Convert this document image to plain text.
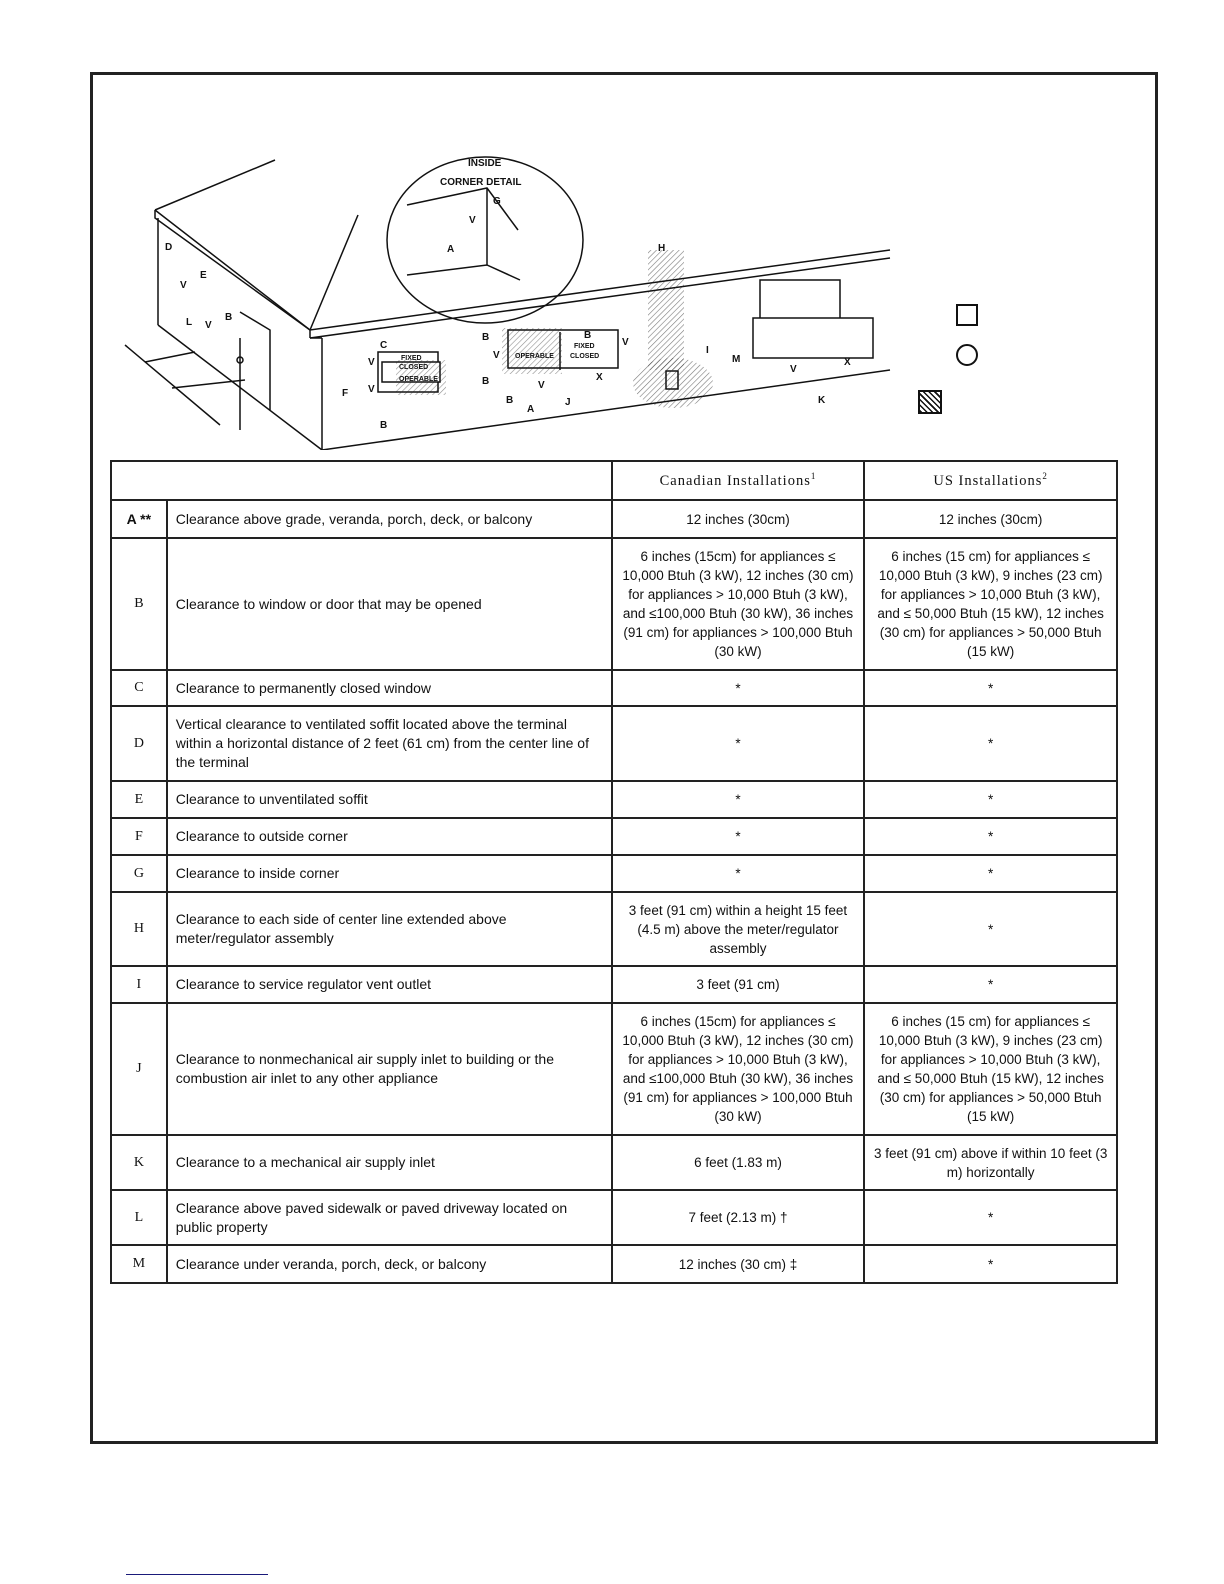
INSIDE
CORNER DETAIL
G
A
V
D
E
V
V
L	B
C
V
V
F
B
FIXED
CLOSED
OPERABLE
OPERABLE
FIXED
CLOSED
B
B
B
V
V
V
B
A
J
X
H
I
M
V
X
K
		Canadian Installations$^1$	US Installations$^2$
A **	Clearance above grade, veranda, porch, deck, or balcony	12 inches (30cm)	12 inches (30cm)
B	Clearance to window or door that may be opened	6 inches (15cm) for appliances ≤ 10,000 Btuh (3 kW), 12 inches (30 cm) for appliances > 10,000 Btuh (3 kW), and ≤100,000 Btuh (30 kW), 36 inches (91 cm) for appliances > 100,000 Btuh (30 kW)	6 inches (15 cm) for appliances ≤ 10,000 Btuh (3 kW), 9 inches (23 cm) for appliances > 10,000 Btuh (3 kW), and ≤ 50,000 Btuh (15 kW), 12 inches (30 cm) for appliances > 50,000 Btuh (15 kW)
C	Clearance to permanently closed window	*	*
D	Vertical clearance to ventilated soffit located above the terminal within a horizontal distance of 2 feet (61 cm) from the center line of the terminal	*	*
E	Clearance to unventilated soffit	*	*
F	Clearance to outside corner	*	*
G	Clearance to inside corner	*	*
H	Clearance to each side of center line extended above meter/regulator assembly	3 feet (91 cm) within a height 15 feet (4.5 m) above the meter/regulator assembly	*
I	Clearance to service regulator vent outlet	3 feet (91 cm)	*
J	Clearance to nonmechanical air supply inlet to building or the combustion air inlet to any other appliance	6 inches (15cm) for appliances ≤ 10,000 Btuh (3 kW), 12 inches (30 cm) for appliances > 10,000 Btuh (3 kW), and ≤100,000 Btuh (30 kW), 36 inches (91 cm) for appliances > 100,000 Btuh (30 kW)	6 inches (15 cm) for appliances ≤ 10,000 Btuh (3 kW), 9 inches (23 cm) for appliances > 10,000 Btuh (3 kW), and ≤ 50,000 Btuh (15 kW), 12 inches (30 cm) for appliances > 50,000 Btuh (15 kW)
K	Clearance to a mechanical air supply inlet	6 feet (1.83 m)	3 feet (91 cm) above if within 10 feet (3 m) horizontally
L	Clearance above paved sidewalk or paved driveway located on public property	7 feet (2.13 m) †	*
M	Clearance under veranda, porch, deck, or balcony	12 inches (30 cm) ‡	*
